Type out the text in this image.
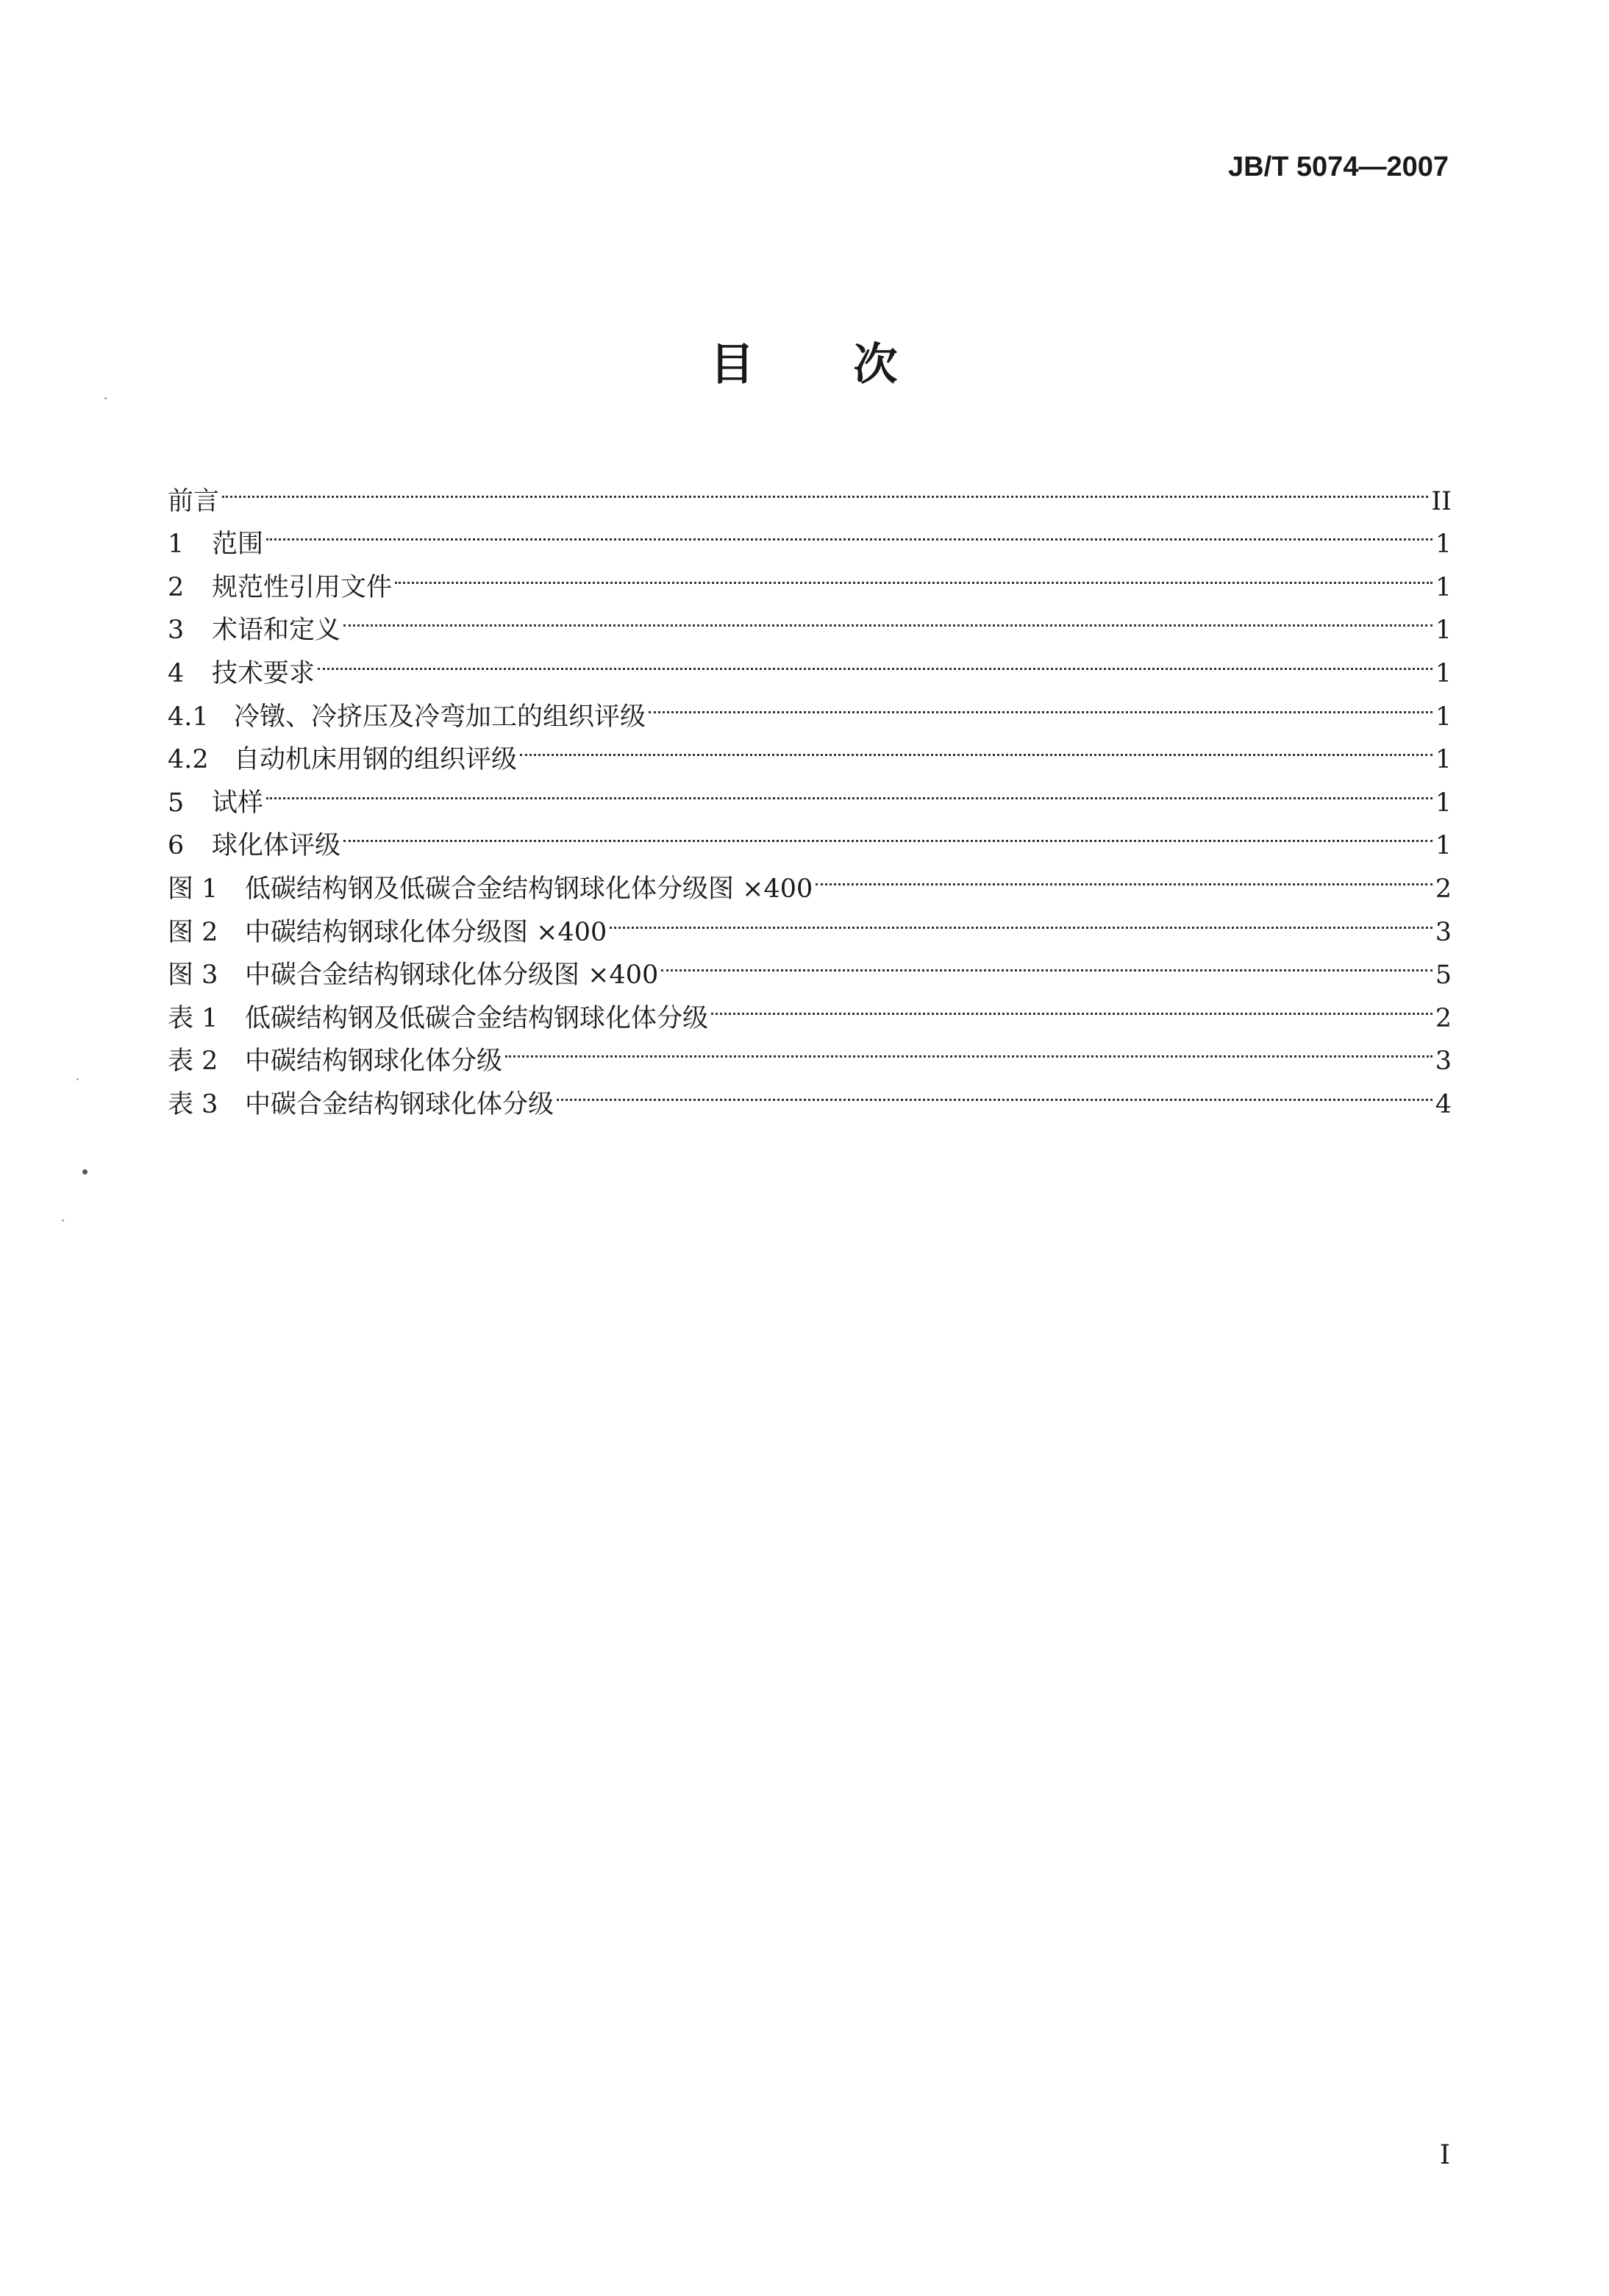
JB/T 5074—2007
目 次
前言	II
1	范围	1
2	规范性引用文件	1
3	术语和定义	1
4	技术要求	1
4.1 冷镦、冷挤压及冷弯加工的组织评级	1
4.2 自动机床用钢的组织评级	1
5	试样	1
6	球化体评级	1
图 1	低碳结构钢及低碳合金结构钢球化体分级图 ×400	2
图 2	中碳结构钢球化体分级图 ×400	3
图 3	中碳合金结构钢球化体分级图 ×400	5
表 1	低碳结构钢及低碳合金结构钢球化体分级	2
表 2	中碳结构钢球化体分级	3
表 3	中碳合金结构钢球化体分级	4
I
